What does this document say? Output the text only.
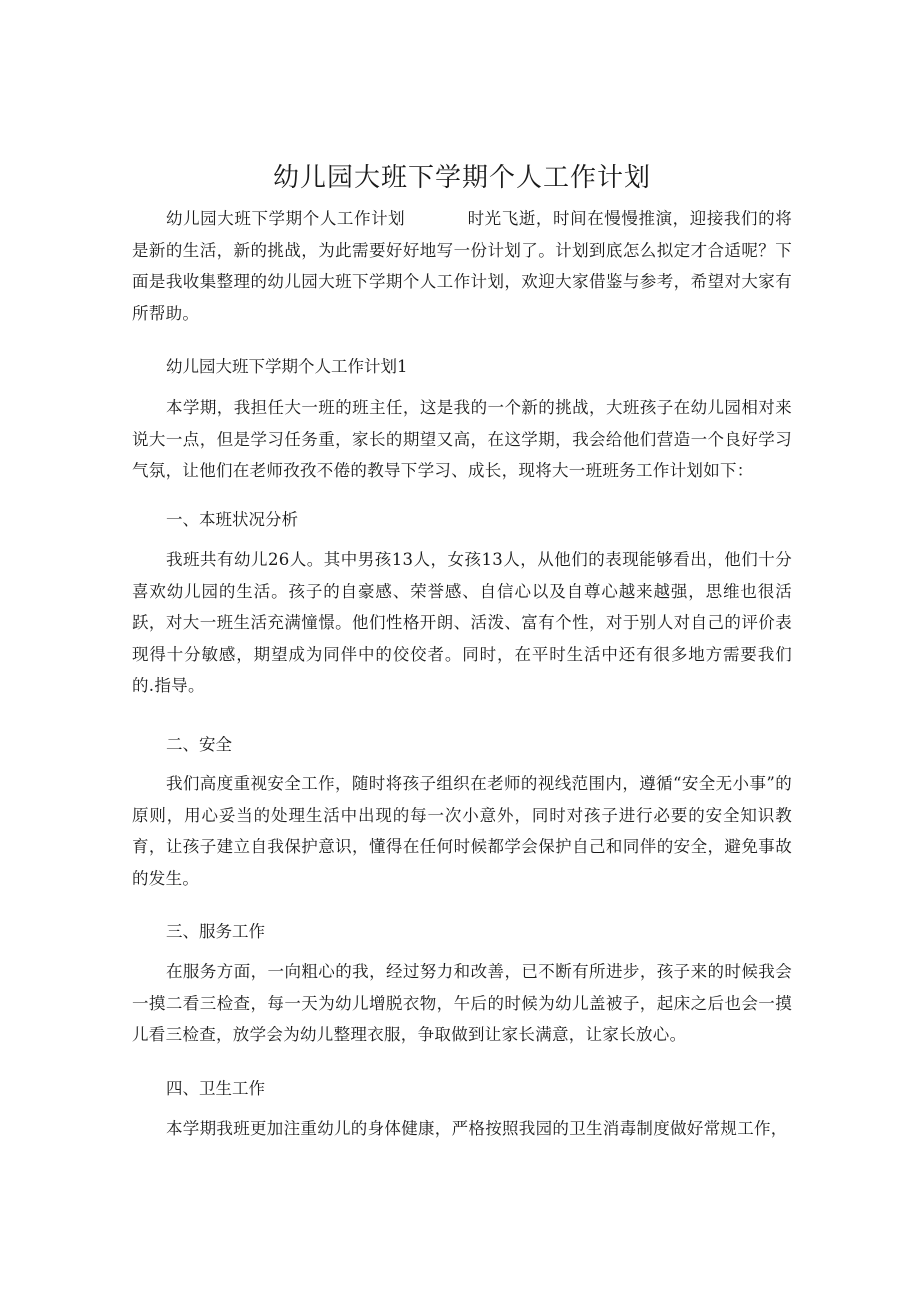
幼儿园大班下学期个人工作计划

幼儿园大班下学期个人工作计划	时光飞逝，时间在慢慢推演，迎接我们的将是新的生活，新的挑战，为此需要好好地写一份计划了。计划到底怎么拟定才合适呢？下面是我收集整理的幼儿园大班下学期个人工作计划，欢迎大家借鉴与参考，希望对大家有所帮助。

幼儿园大班下学期个人工作计划1

本学期，我担任大一班的班主任，这是我的一个新的挑战，大班孩子在幼儿园相对来说大一点，但是学习任务重，家长的期望又高，在这学期，我会给他们营造一个良好学习气氛，让他们在老师孜孜不倦的教导下学习、成长，现将大一班班务工作计划如下：

一、本班状况分析

我班共有幼儿26人。其中男孩13人，女孩13人，从他们的表现能够看出，他们十分喜欢幼儿园的生活。孩子的自豪感、荣誉感、自信心以及自尊心越来越强，思维也很活跃，对大一班生活充满憧憬。他们性格开朗、活泼、富有个性，对于别人对自己的评价表现得十分敏感，期望成为同伴中的佼佼者。同时，在平时生活中还有很多地方需要我们的.指导。

二、安全

我们高度重视安全工作，随时将孩子组织在老师的视线范围内，遵循“安全无小事”的原则，用心妥当的处理生活中出现的每一次小意外，同时对孩子进行必要的安全知识教育，让孩子建立自我保护意识，懂得在任何时候都学会保护自己和同伴的安全，避免事故的发生。

三、服务工作

在服务方面，一向粗心的我，经过努力和改善，已不断有所进步，孩子来的时候我会一摸二看三检查，每一天为幼儿增脱衣物，午后的时候为幼儿盖被子，起床之后也会一摸儿看三检查，放学会为幼儿整理衣服，争取做到让家长满意，让家长放心。

四、卫生工作

本学期我班更加注重幼儿的身体健康，严格按照我园的卫生消毒制度做好常规工作，
